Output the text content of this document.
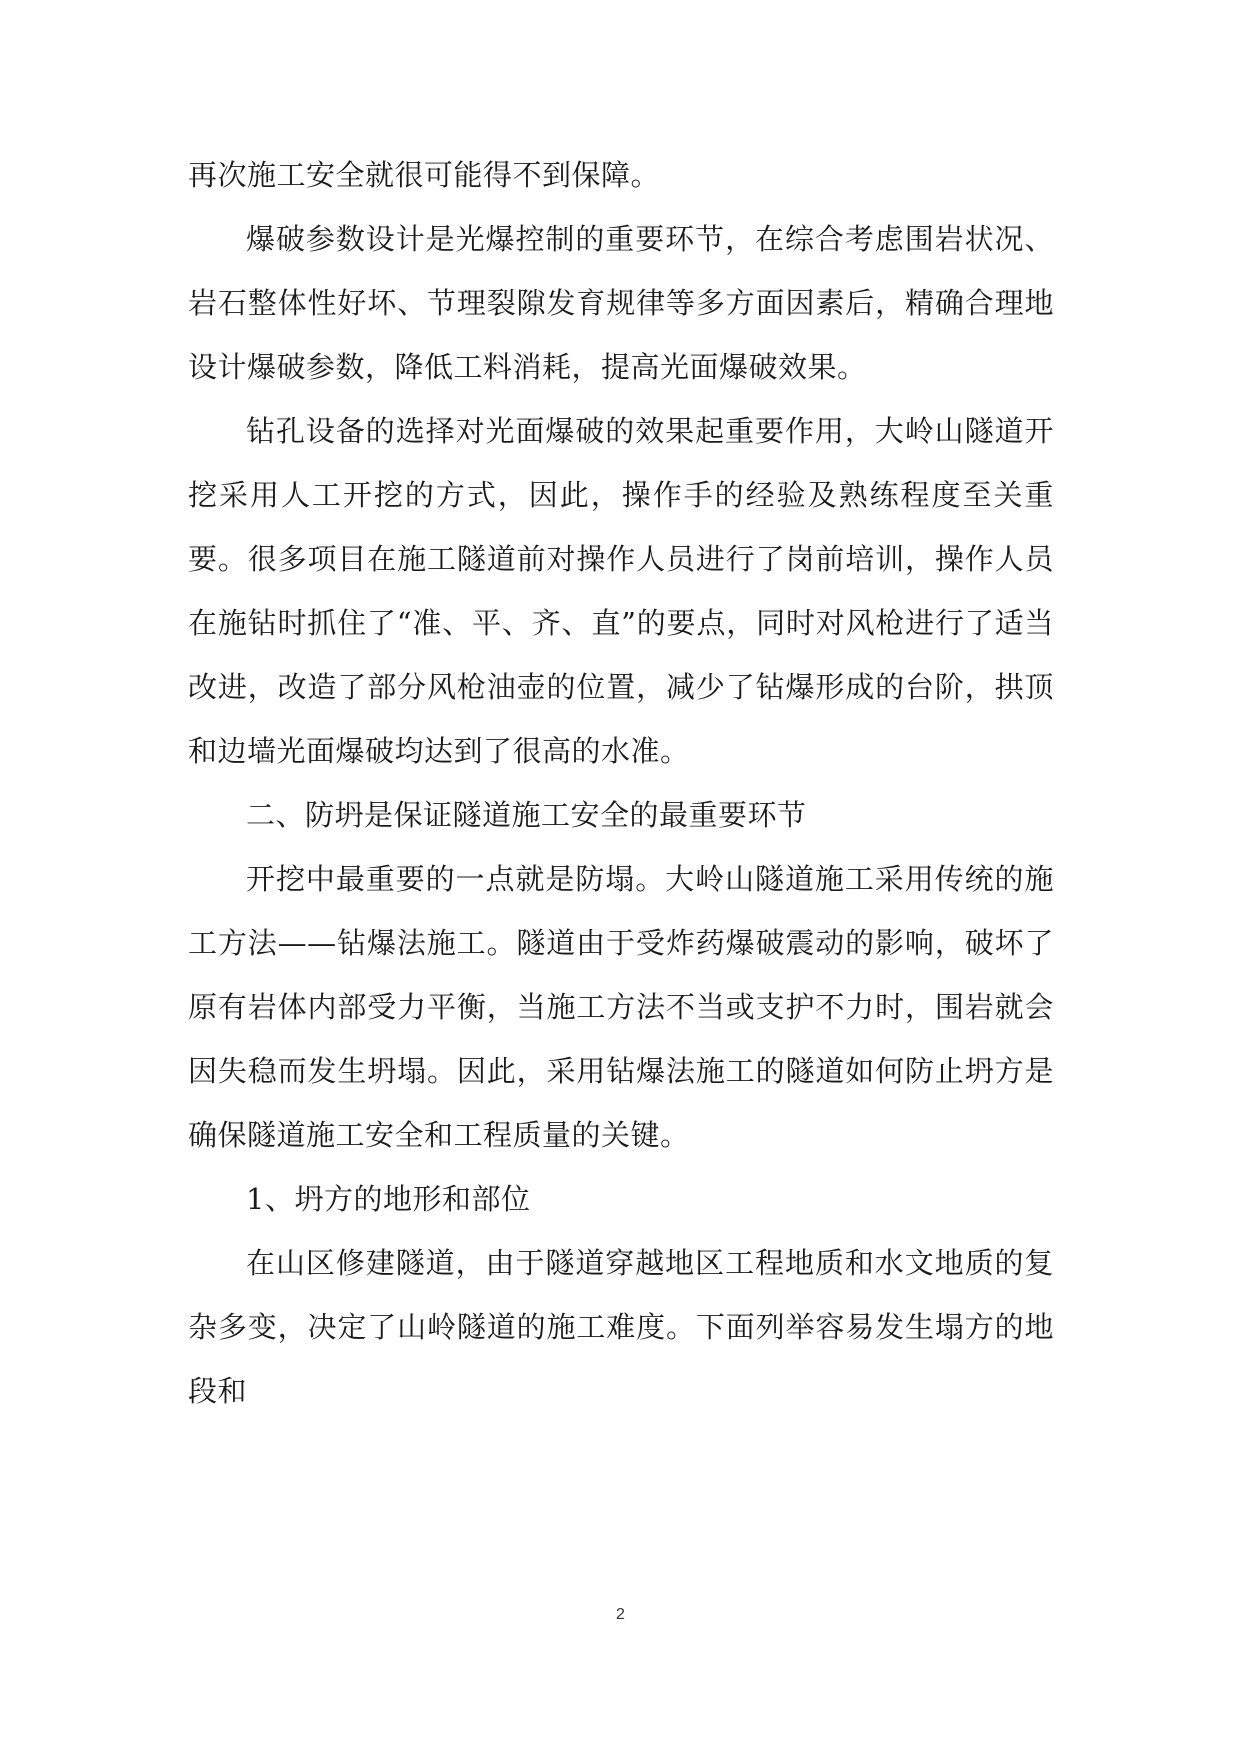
再次施工安全就很可能得不到保障。

爆破参数设计是光爆控制的重要环节，在综合考虑围岩状况、岩石整体性好坏、节理裂隙发育规律等多方面因素后，精确合理地设计爆破参数，降低工料消耗，提高光面爆破效果。

钻孔设备的选择对光面爆破的效果起重要作用，大岭山隧道开挖采用人工开挖的方式，因此，操作手的经验及熟练程度至关重要。很多项目在施工隧道前对操作人员进行了岗前培训，操作人员在施钻时抓住了“准、平、齐、直”的要点，同时对风枪进行了适当改进，改造了部分风枪油壶的位置，减少了钻爆形成的台阶，拱顶和边墙光面爆破均达到了很高的水准。

二、防坍是保证隧道施工安全的最重要环节

开挖中最重要的一点就是防塌。大岭山隧道施工采用传统的施工方法——钻爆法施工。隧道由于受炸药爆破震动的影响，破坏了原有岩体内部受力平衡，当施工方法不当或支护不力时，围岩就会因失稳而发生坍塌。因此，采用钻爆法施工的隧道如何防止坍方是确保隧道施工安全和工程质量的关键。

1、坍方的地形和部位

在山区修建隧道，由于隧道穿越地区工程地质和水文地质的复杂多变，决定了山岭隧道的施工难度。下面列举容易发生塌方的地段和

2
